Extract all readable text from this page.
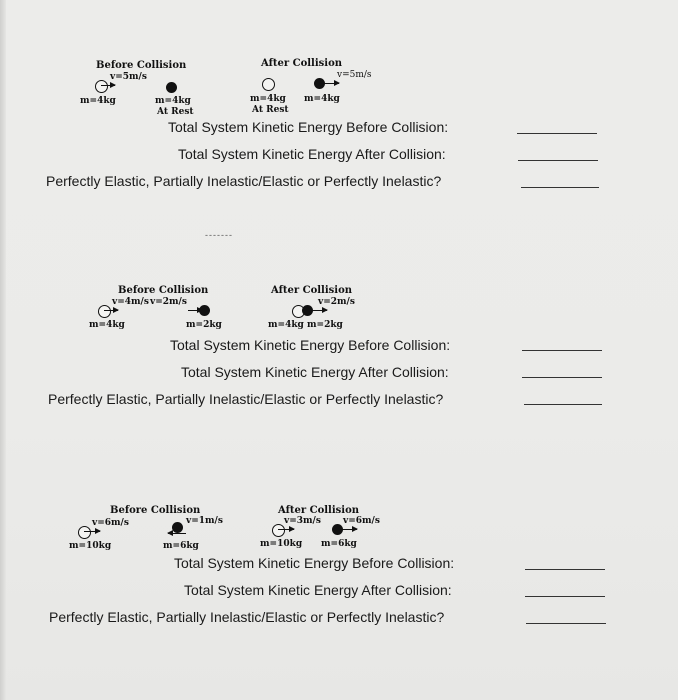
Before Collision
v=5m/s
m=4kg	m=4kg
At Rest
After Collision
m=4kg
At Rest
v=5m/s
m=4kg
Total System Kinetic Energy Before Collision:
Total System Kinetic Energy After Collision:
Perfectly Elastic, Partially Inelastic/Elastic or Perfectly Inelastic?
-------
Before Collision
v=4m/s v=2m/s
m=4kg	m=2kg
After Collision
v=2m/s
m=4kg m=2kg
Total System Kinetic Energy Before Collision:
Total System Kinetic Energy After Collision:
Perfectly Elastic, Partially Inelastic/Elastic or Perfectly Inelastic?
Before Collision
v=6m/s
m=10kg
v=1m/s
m=6kg
After Collision
v=3m/s v=6m/s
m=10kg m=6kg
Total System Kinetic Energy Before Collision:
Total System Kinetic Energy After Collision:
Perfectly Elastic, Partially Inelastic/Elastic or Perfectly Inelastic?
